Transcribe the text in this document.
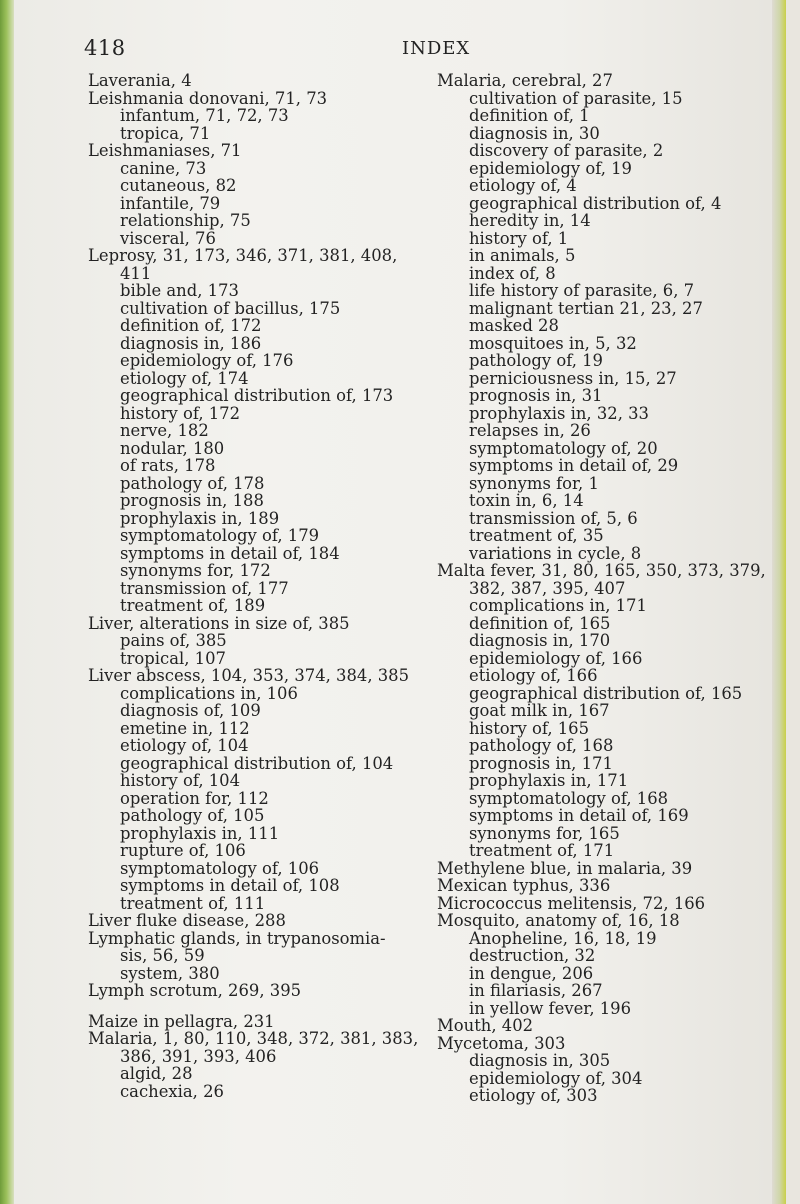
418	INDEX
Laverania, 4
Leishmania donovani, 71, 73
infantum, 71, 72, 73
tropica, 71
Leishmaniases, 71
canine, 73
cutaneous, 82
infantile, 79
relationship, 75
visceral, 76
Leprosy, 31, 173, 346, 371, 381, 408,
411
bible and, 173
cultivation of bacillus, 175
definition of, 172
diagnosis in, 186
epidemiology of, 176
etiology of, 174
geographical distribution of, 173
history of, 172
nerve, 182
nodular, 180
of rats, 178
pathology of, 178
prognosis in, 188
prophylaxis in, 189
symptomatology of, 179
symptoms in detail of, 184
synonyms for, 172
transmission of, 177
treatment of, 189
Liver, alterations in size of, 385
pains of, 385
tropical, 107
Liver abscess, 104, 353, 374, 384, 385
complications in, 106
diagnosis of, 109
emetine in, 112
etiology of, 104
geographical distribution of, 104
history of, 104
operation for, 112
pathology of, 105
prophylaxis in, 111
rupture of, 106
symptomatology of, 106
symptoms in detail of, 108
treatment of, 111
Liver fluke disease, 288
Lymphatic glands, in trypanosomia-
sis, 56, 59
system, 380
Lymph scrotum, 269, 395
Maize in pellagra, 231
Malaria, 1, 80, 110, 348, 372, 381, 383,
386, 391, 393, 406
algid, 28
cachexia, 26
Malaria, cerebral, 27
cultivation of parasite, 15
definition of, 1
diagnosis in, 30
discovery of parasite, 2
epidemiology of, 19
etiology of, 4
geographical distribution of, 4
heredity in, 14
history of, 1
in animals, 5
index of, 8
life history of parasite, 6, 7
malignant tertian 21, 23, 27
masked 28
mosquitoes in, 5, 32
pathology of, 19
perniciousness in, 15, 27
prognosis in, 31
prophylaxis in, 32, 33
relapses in, 26
symptomatology of, 20
symptoms in detail of, 29
synonyms for, 1
toxin in, 6, 14
transmission of, 5, 6
treatment of, 35
variations in cycle, 8
Malta fever, 31, 80, 165, 350, 373, 379,
382, 387, 395, 407
complications in, 171
definition of, 165
diagnosis in, 170
epidemiology of, 166
etiology of, 166
geographical distribution of, 165
goat milk in, 167
history of, 165
pathology of, 168
prognosis in, 171
prophylaxis in, 171
symptomatology of, 168
symptoms in detail of, 169
synonyms for, 165
treatment of, 171
Methylene blue, in malaria, 39
Mexican typhus, 336
Micrococcus melitensis, 72, 166
Mosquito, anatomy of, 16, 18
Anopheline, 16, 18, 19
destruction, 32
in dengue, 206
in filariasis, 267
in yellow fever, 196
Mouth, 402
Mycetoma, 303
diagnosis in, 305
epidemiology of, 304
etiology of, 303
